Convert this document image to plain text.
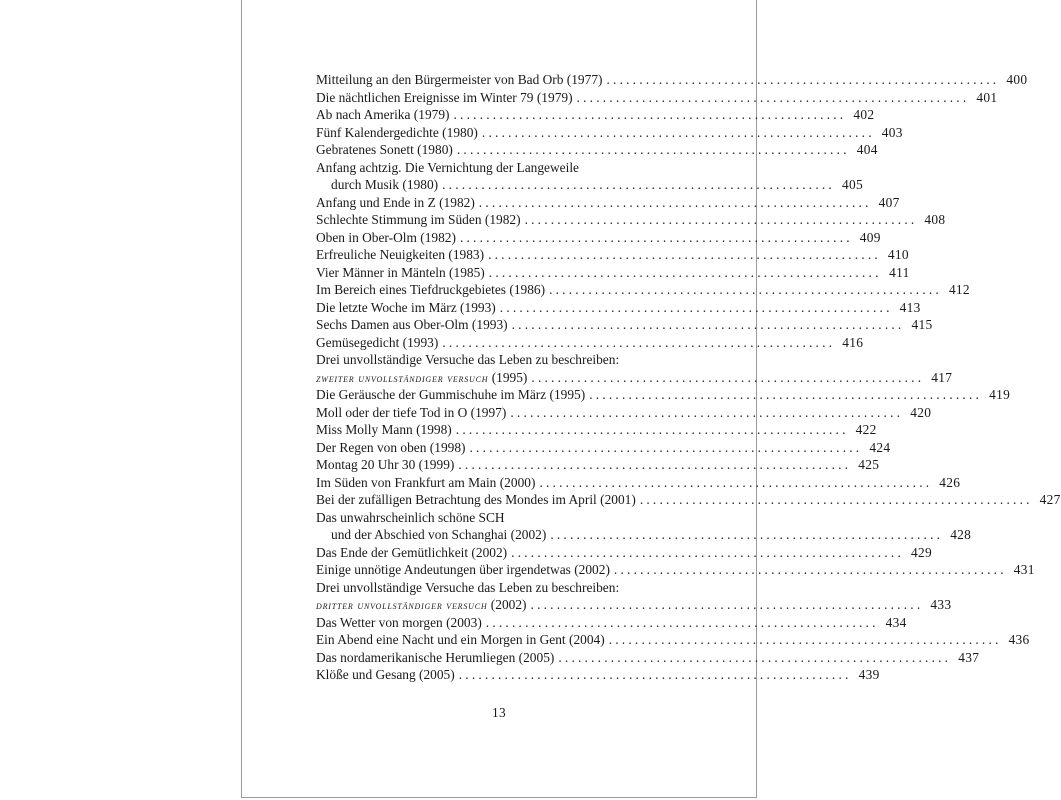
Mitteilung an den Bürgermeister von Bad Orb (1977) ............................................................ 400
Die nächtlichen Ereignisse im Winter 79 (1979) ............................................................ 401
Ab nach Amerika (1979) ............................................................ 402
Fünf Kalendergedichte (1980) ............................................................ 403
Gebratenes Sonett (1980) ............................................................ 404
Anfang achtzig. Die Vernichtung der Langeweile
durch Musik (1980) ............................................................ 405
Anfang und Ende in Z (1982) ............................................................ 407
Schlechte Stimmung im Süden (1982) ............................................................ 408
Oben in Ober-Olm (1982) ............................................................ 409
Erfreuliche Neuigkeiten (1983) ............................................................ 410
Vier Männer in Mänteln (1985) ............................................................ 411
Im Bereich eines Tiefdruckgebietes (1986) ............................................................ 412
Die letzte Woche im März (1993) ............................................................ 413
Sechs Damen aus Ober-Olm (1993) ............................................................ 415
Gemüsegedicht (1993) ............................................................ 416
Drei unvollständige Versuche das Leben zu beschreiben:
zweiter unvollständiger versuch (1995) ............................................................ 417
Die Geräusche der Gummischuhe im März (1995) ............................................................ 419
Moll oder der tiefe Tod in O (1997) ............................................................ 420
Miss Molly Mann (1998) ............................................................ 422
Der Regen von oben (1998) ............................................................ 424
Montag 20 Uhr 30 (1999) ............................................................ 425
Im Süden von Frankfurt am Main (2000) ............................................................ 426
Bei der zufälligen Betrachtung des Mondes im April (2001) ............................................................ 427
Das unwahrscheinlich schöne SCH
und der Abschied von Schanghai (2002) ............................................................ 428
Das Ende der Gemütlichkeit (2002) ............................................................ 429
Einige unnötige Andeutungen über irgendetwas (2002) ............................................................ 431
Drei unvollständige Versuche das Leben zu beschreiben:
dritter unvollständiger versuch (2002) ............................................................ 433
Das Wetter von morgen (2003) ............................................................ 434
Ein Abend eine Nacht und ein Morgen in Gent (2004) ............................................................ 436
Das nordamerikanische Herumliegen (2005) ............................................................ 437
Klöße und Gesang (2005) ............................................................ 439
13
